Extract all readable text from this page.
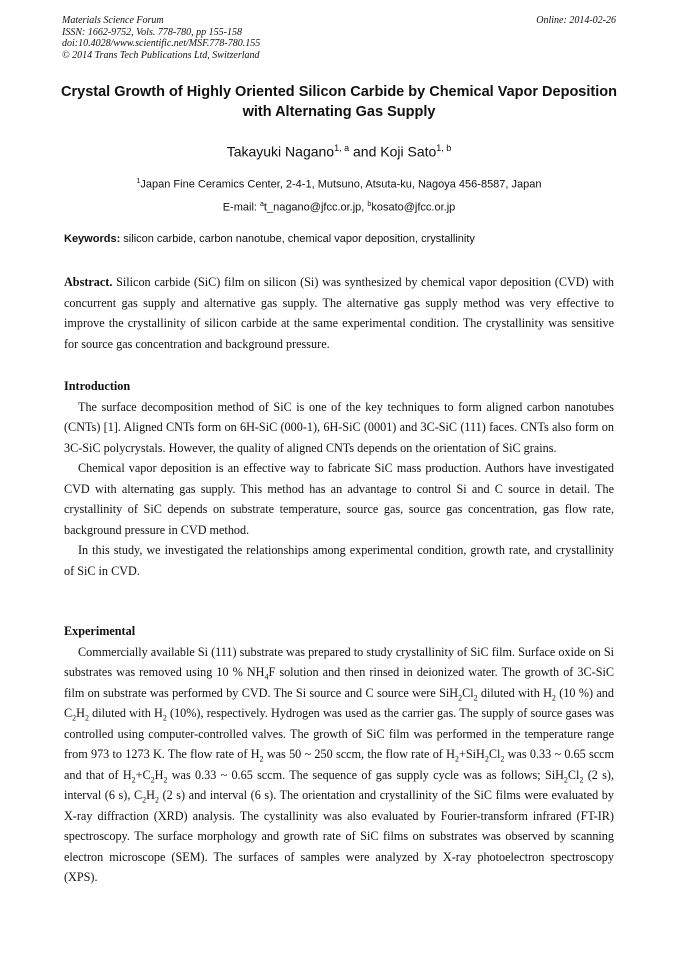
Materials Science Forum
ISSN: 1662-9752, Vols. 778-780, pp 155-158
doi:10.4028/www.scientific.net/MSF.778-780.155
© 2014 Trans Tech Publications Ltd, Switzerland
Online: 2014-02-26
Crystal Growth of Highly Oriented Silicon Carbide by Chemical Vapor Deposition with Alternating Gas Supply
Takayuki Nagano$^{1, a}$ and Koji Sato$^{1, b}$
$^1$Japan Fine Ceramics Center, 2-4-1, Mutsuno, Atsuta-ku, Nagoya 456-8587, Japan
E-mail: $^a$t_nagano@jfcc.or.jp, $^b$kosato@jfcc.or.jp
Keywords: silicon carbide, carbon nanotube, chemical vapor deposition, crystallinity

Abstract. Silicon carbide (SiC) film on silicon (Si) was synthesized by chemical vapor deposition (CVD) with concurrent gas supply and alternative gas supply. The alternative gas supply method was very effective to improve the crystallinity of silicon carbide at the same experimental condition. The crystallinity was sensitive for source gas concentration and background pressure.

Introduction

The surface decomposition method of SiC is one of the key techniques to form aligned carbon nanotubes (CNTs) [1]. Aligned CNTs form on 6H-SiC (000-1), 6H-SiC (0001) and 3C-SiC (111) faces. CNTs also form on 3C-SiC polycrystals. However, the quality of aligned CNTs depends on the orientation of SiC grains.

Chemical vapor deposition is an effective way to fabricate SiC mass production. Authors have investigated CVD with alternating gas supply. This method has an advantage to control Si and C source in detail. The crystallinity of SiC depends on substrate temperature, source gas, source gas concentration, gas flow rate, background pressure in CVD method.

In this study, we investigated the relationships among experimental condition, growth rate, and crystallinity of SiC in CVD.

Experimental

Commercially available Si (111) substrate was prepared to study crystallinity of SiC film. Surface oxide on Si substrates was removed using 10 % $NH_4F$ solution and then rinsed in deionized water. The growth of 3C-SiC film on substrate was performed by CVD. The Si source and C source were $SiH_2Cl_2$ diluted with $H_2$ (10 %) and $C_2H_2$ diluted with $H_2$ (10%), respectively. Hydrogen was used as the carrier gas. The supply of source gases was controlled using computer-controlled valves. The growth of SiC film was performed in the temperature range from 973 to 1273 K. The flow rate of $H_2$ was 50 ~ 250 sccm, the flow rate of $H_2+SiH_2Cl_2$ was 0.33 ~ 0.65 sccm and that of $H_2+C_2H_2$ was 0.33 ~ 0.65 sccm. The sequence of gas supply cycle was as follows; $SiH_2Cl_2$ (2 s), interval (6 s), $C_2H_2$ (2 s) and interval (6 s). The orientation and crystallinity of the SiC films were evaluated by X-ray diffraction (XRD) analysis. The cystallinity was also evaluated by Fourier-transform infrared (FT-IR) spectroscopy. The surface morphology and growth rate of SiC films on substrates was observed by scanning electron microscope (SEM). The surfaces of samples were analyzed by X-ray photoelectron spectroscopy (XPS).
